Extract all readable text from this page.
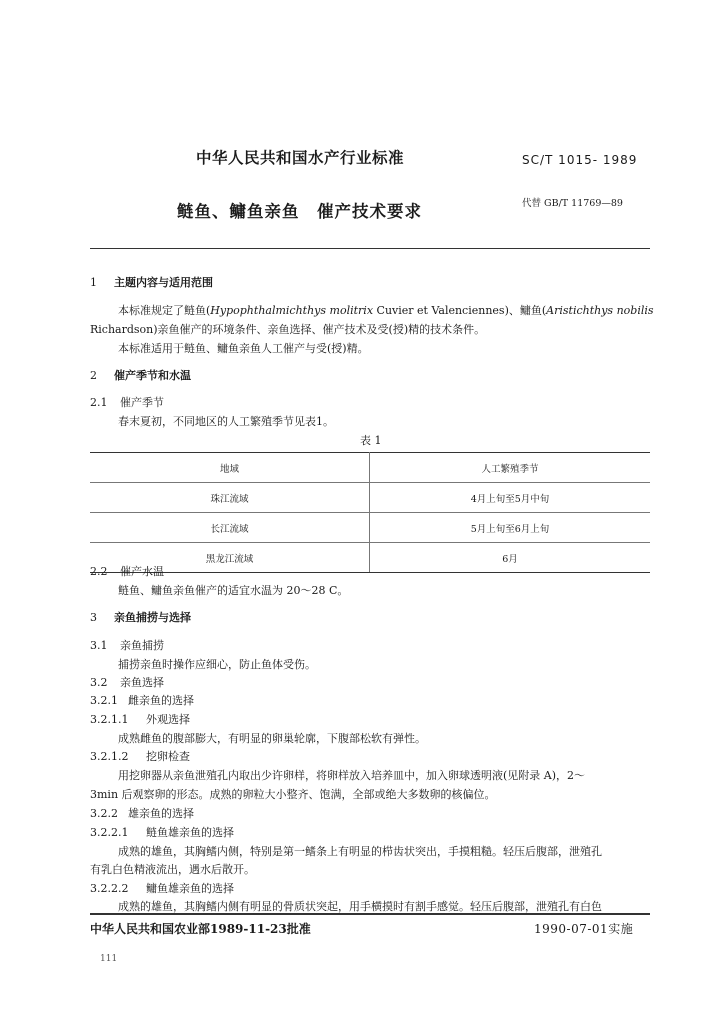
中华人民共和国水产行业标准	SC/T 1015- 1989
鲢鱼、鳙鱼亲鱼　催产技术要求	代替 GB/T 11769—89
1 主题内容与适用范围
本标准规定了鲢鱼(Hypophthalmichthys molitrix Cuvier et Valenciennes)、鳙鱼(Aristichthys nobilis
Richardson)亲鱼催产的环境条件、亲鱼选择、催产技术及受(授)精的技术条件。
本标准适用于鲢鱼、鳙鱼亲鱼人工催产与受(授)精。
2 催产季节和水温
2.1 催产季节
春末夏初，不同地区的人工繁殖季节见表1。
表 1
地域	人工繁殖季节
珠江流域	4月上旬至5月中旬
长江流域	5月上旬至6月上旬
黑龙江流域	6月
2.2 催产水温
鲢鱼、鳙鱼亲鱼催产的适宜水温为 20～28 C。
3 亲鱼捕捞与选择
3.1 亲鱼捕捞
捕捞亲鱼时操作应细心，防止鱼体受伤。
3.2 亲鱼选择
3.2.1 雌亲鱼的选择
3.2.1.1 外观选择
成熟雌鱼的腹部膨大，有明显的卵巢轮廓，下腹部松软有弹性。
3.2.1.2 挖卵检查
用挖卵器从亲鱼泄殖孔内取出少许卵样，将卵样放入培养皿中，加入卵球透明液(见附录 A)，2～
3min 后观察卵的形态。成熟的卵粒大小整齐、饱满，全部或绝大多数卵的核偏位。
3.2.2 雄亲鱼的选择
3.2.2.1 鲢鱼雄亲鱼的选择
成熟的雄鱼，其胸鳍内侧，特别是第一鳍条上有明显的栉齿状突出，手摸粗糙。轻压后腹部，泄殖孔
有乳白色精液流出，遇水后散开。
3.2.2.2 鳙鱼雄亲鱼的选择
成熟的雄鱼，其胸鳍内侧有明显的骨质状突起，用手横摸时有割手感觉。轻压后腹部，泄殖孔有白色
中华人民共和国农业部1989-11-23批准	1990-07-01实施
111
